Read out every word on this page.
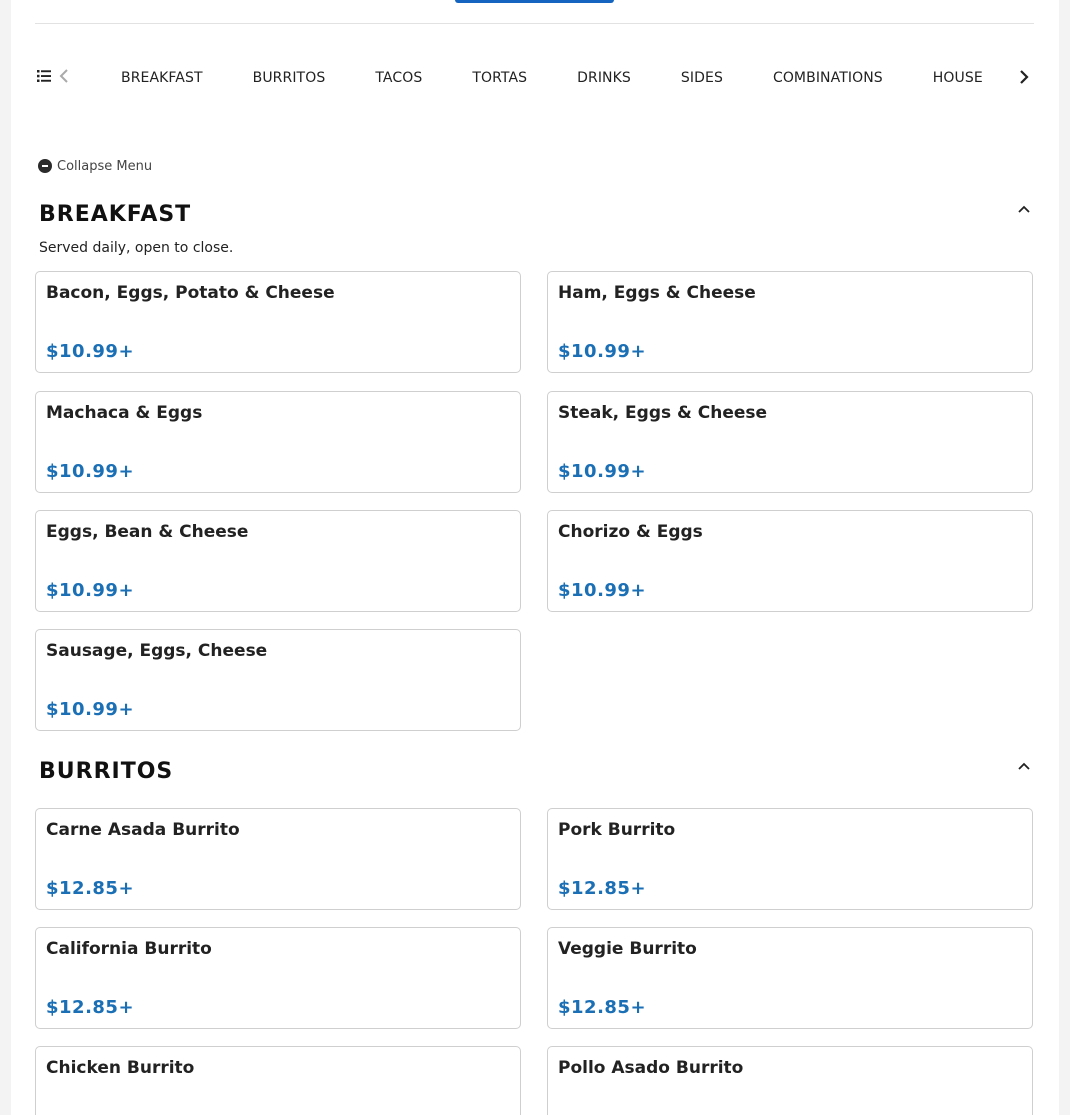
BREAKFAST	BURRITOS	TACOS	TORTAS	DRINKS	SIDES	COMBINATIONS	HOUSE
Collapse Menu
BREAKFAST
Served daily, open to close.
Bacon, Eggs, Potato & Cheese
$10.99+
Ham, Eggs & Cheese
$10.99+
Machaca & Eggs
$10.99+
Steak, Eggs & Cheese
$10.99+
Eggs, Bean & Cheese
$10.99+
Chorizo & Eggs
$10.99+
Sausage, Eggs, Cheese
$10.99+
BURRITOS
Carne Asada Burrito
$12.85+
Pork Burrito
$12.85+
California Burrito
$12.85+
Veggie Burrito
$12.85+
Chicken Burrito	Pollo Asado Burrito
